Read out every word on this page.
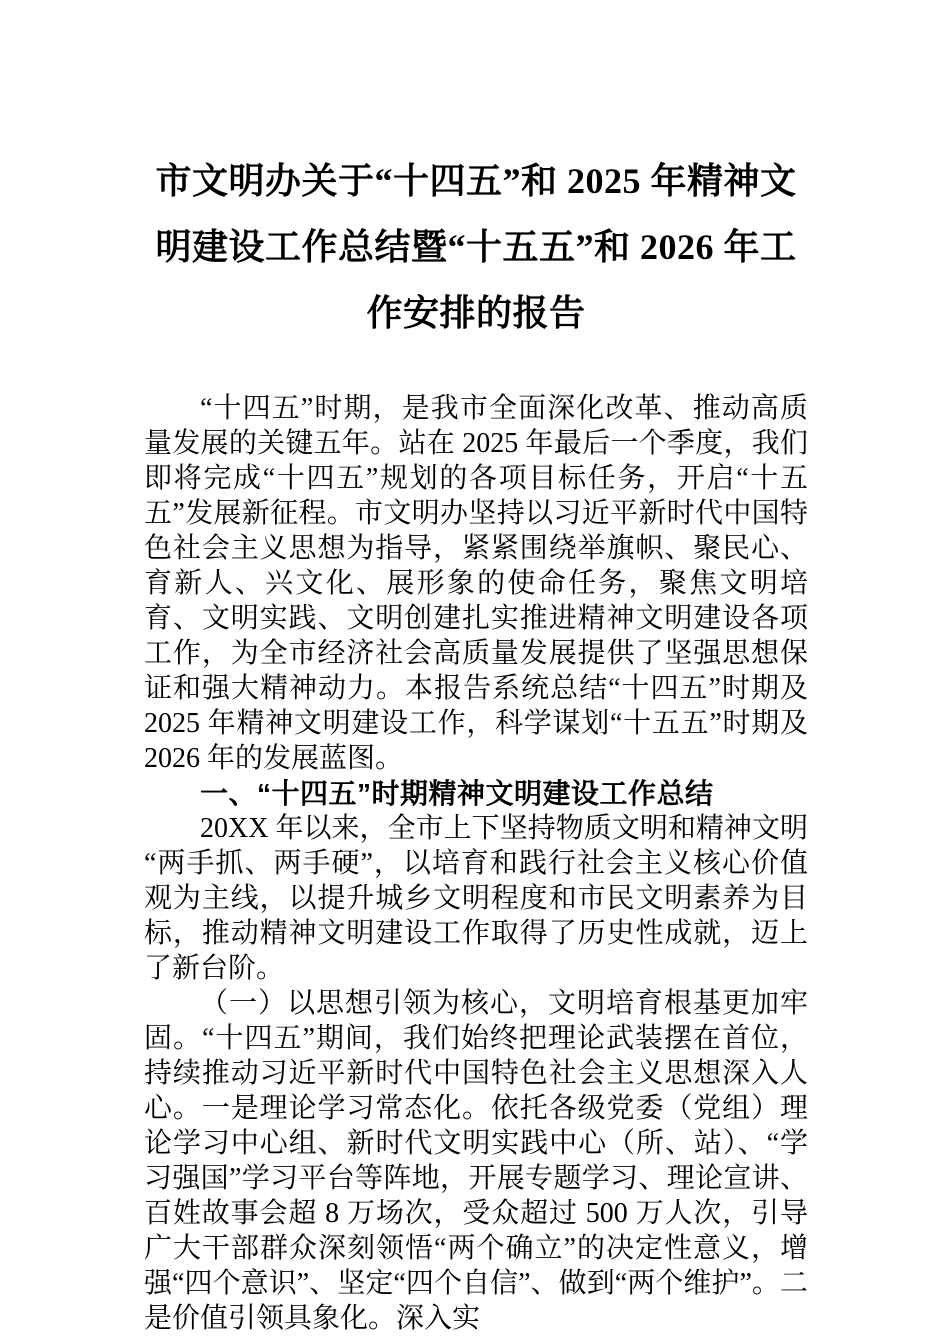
市文明办关于“十四五”和 2025 年精神文明建设工作总结暨“十五五”和 2026 年工作安排的报告

“十四五”时期，是我市全面深化改革、推动高质量发展的关键五年。站在 2025 年最后一个季度，我们即将完成“十四五”规划的各项目标任务，开启“十五五”发展新征程。市文明办坚持以习近平新时代中国特色社会主义思想为指导，紧紧围绕举旗帜、聚民心、育新人、兴文化、展形象的使命任务，聚焦文明培育、文明实践、文明创建扎实推进精神文明建设各项工作，为全市经济社会高质量发展提供了坚强思想保证和强大精神动力。本报告系统总结“十四五”时期及 2025 年精神文明建设工作，科学谋划“十五五”时期及 2026 年的发展蓝图。

一、“十四五”时期精神文明建设工作总结

20XX 年以来，全市上下坚持物质文明和精神文明“两手抓、两手硬”，以培育和践行社会主义核心价值观为主线，以提升城乡文明程度和市民文明素养为目标，推动精神文明建设工作取得了历史性成就，迈上了新台阶。

（一）以思想引领为核心，文明培育根基更加牢固。“十四五”期间，我们始终把理论武装摆在首位，持续推动习近平新时代中国特色社会主义思想深入人心。一是理论学习常态化。依托各级党委（党组）理论学习中心组、新时代文明实践中心（所、站）、“学习强国”学习平台等阵地，开展专题学习、理论宣讲、百姓故事会超 8 万场次，受众超过 500 万人次，引导广大干部群众深刻领悟“两个确立”的决定性意义，增强“四个意识”、坚定“四个自信”、做到“两个维护”。二是价值引领具象化。深入实
